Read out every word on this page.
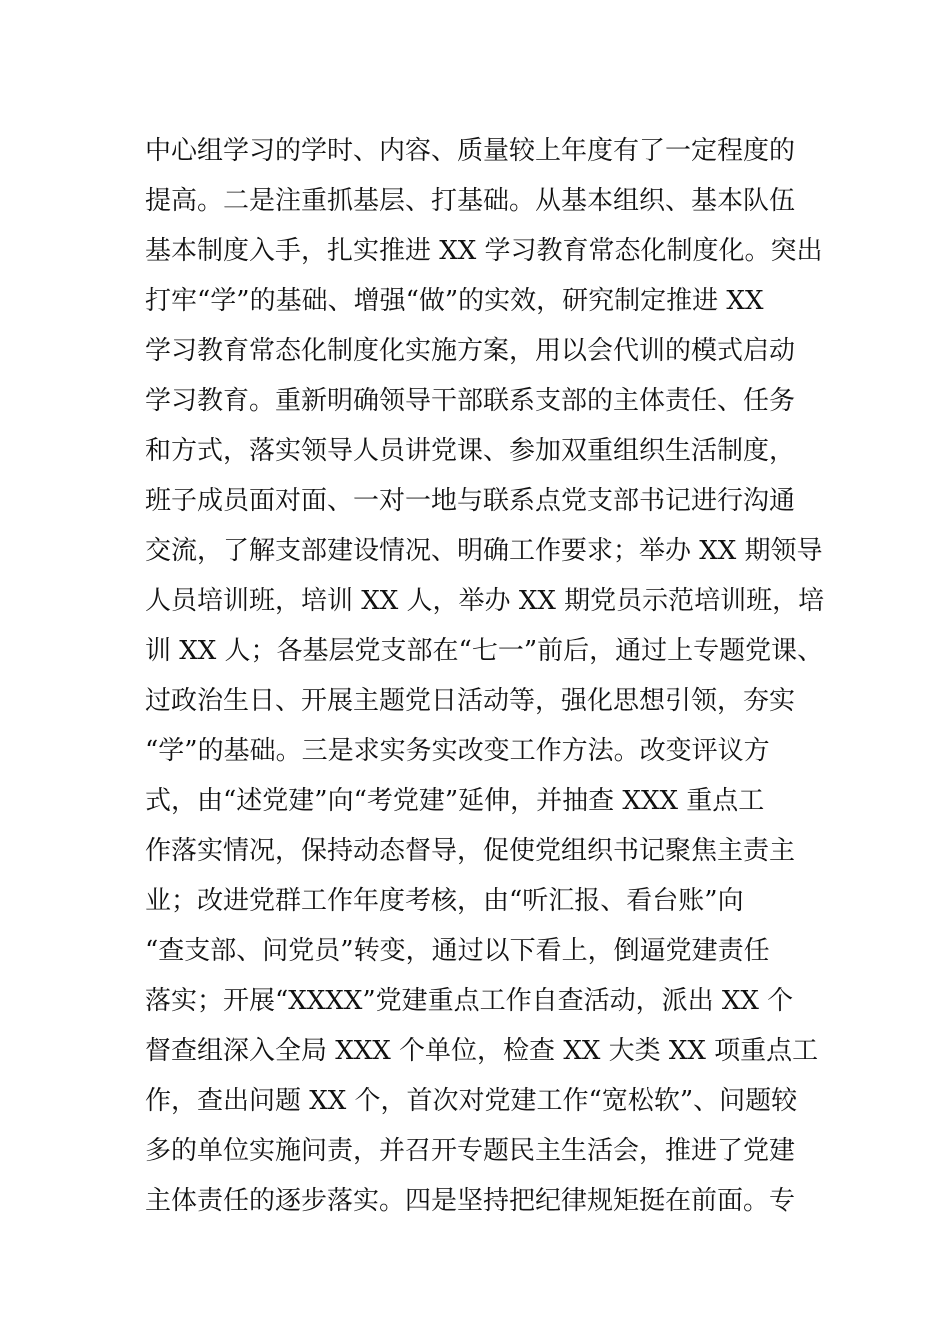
中心组学习的学时、内容、质量较上年度有了一定程度的
提高。二是注重抓基层、打基础。从基本组织、基本队伍
基本制度入手，扎实推进 XX 学习教育常态化制度化。突出
打牢“学”的基础、增强“做”的实效，研究制定推进 XX
学习教育常态化制度化实施方案，用以会代训的模式启动
学习教育。重新明确领导干部联系支部的主体责任、任务
和方式，落实领导人员讲党课、参加双重组织生活制度，
班子成员面对面、一对一地与联系点党支部书记进行沟通
交流，了解支部建设情况、明确工作要求；举办 XX 期领导
人员培训班，培训 XX 人，举办 XX 期党员示范培训班，培
训 XX 人；各基层党支部在“七一”前后，通过上专题党课、
过政治生日、开展主题党日活动等，强化思想引领，夯实
“学”的基础。三是求实务实改变工作方法。改变评议方
式，由“述党建”向“考党建”延伸，并抽查 XXX 重点工
作落实情况，保持动态督导，促使党组织书记聚焦主责主
业；改进党群工作年度考核，由“听汇报、看台账”向
“查支部、问党员”转变，通过以下看上，倒逼党建责任
落实；开展“XXXX”党建重点工作自查活动，派出 XX 个
督查组深入全局 XXX 个单位，检查 XX 大类 XX 项重点工
作，查出问题 XX 个，首次对党建工作“宽松软”、问题较
多的单位实施问责，并召开专题民主生活会，推进了党建
主体责任的逐步落实。四是坚持把纪律规矩挺在前面。专
